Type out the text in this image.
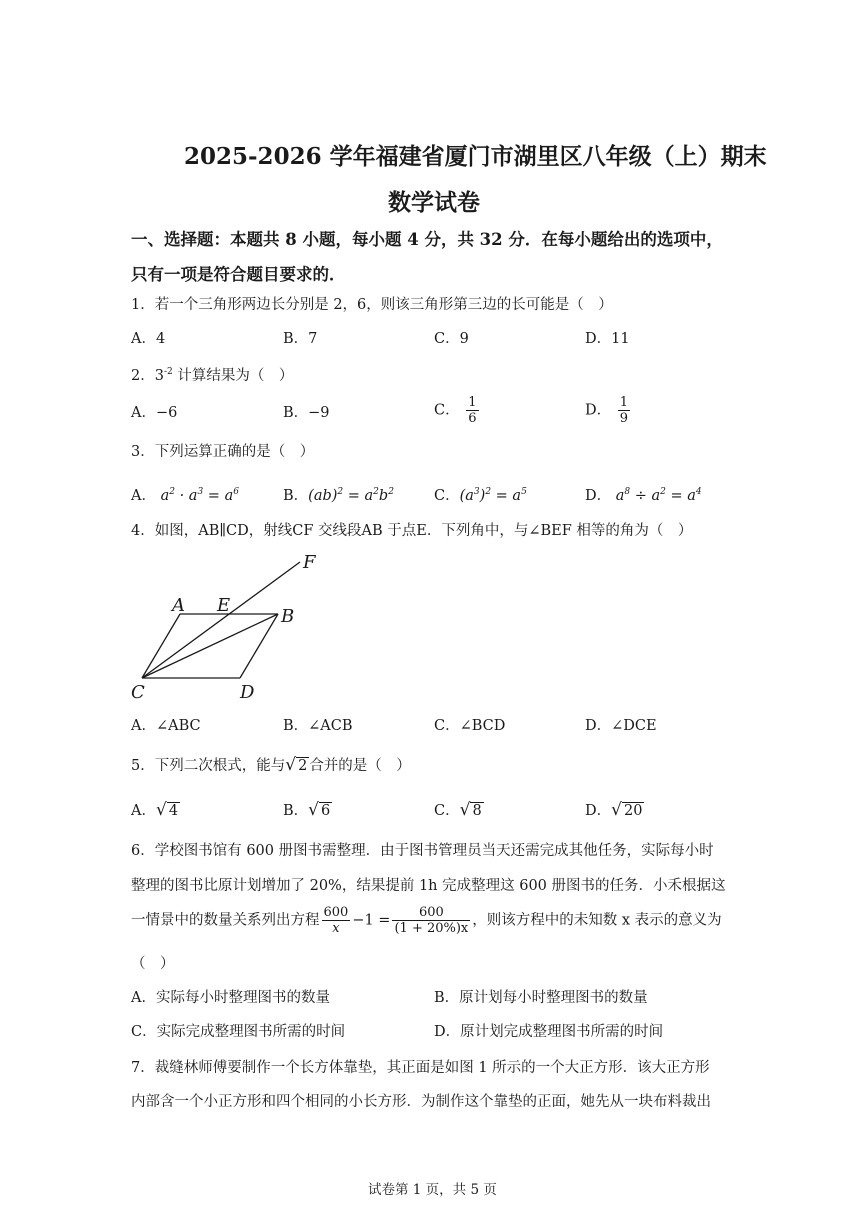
2025-2026 学年福建省厦门市湖里区八年级（上）期末
数学试卷
一、选择题：本题共 8 小题，每小题 4 分，共 32 分．在每小题给出的选项中，
只有一项是符合题目要求的．
1．若一个三角形两边长分别是 2，6，则该三角形第三边的长可能是（　）
A．4	B．7	C．9	D．11
2．$3^{-2}$ 计算结果为（　）
A．−6	B．−9	C． $\frac{1}{6}$	D． $\frac{1}{9}$
3．下列运算正确的是（　）
A． $a^2 \cdot a^3 = a^6$	B．$(ab)^2 = a^2b^2$	C．$(a^3)^2 = a^5$	D． $a^8 \div a^2 = a^4$
4．如图，AB∥CD，射线CF 交线段AB 于点E．下列角中，与∠BEF 相等的角为（　）
A E
B
F
C	D
A．∠ABC	B．∠ACB	C．∠BCD	D．∠DCE
5．下列二次根式，能与√ 2 合并的是（　）
A．√ 4	B．√ 6	C．√ 8	D．√ 20
6．学校图书馆有 600 册图书需整理．由于图书管理员当天还需完成其他任务，实际每小时
整理的图书比原计划增加了 20%，结果提前 1h 完成整理这 600 册图书的任务．小禾根据这
一情景中的数量关系列出方程 $\frac{600}{x} -1 = \frac{600}{(1 + 20\%)x}$ ，则该方程中的未知数 x 表示的意义为
（　）
A．实际每小时整理图书的数量	B．原计划每小时整理图书的数量
C．实际完成整理图书所需的时间	D．原计划完成整理图书所需的时间
7．裁缝林师傅要制作一个长方体靠垫，其正面是如图 1 所示的一个大正方形．该大正方形
内部含一个小正方形和四个相同的小长方形．为制作这个靠垫的正面，她先从一块布料裁出
试卷第 1 页，共 5 页
